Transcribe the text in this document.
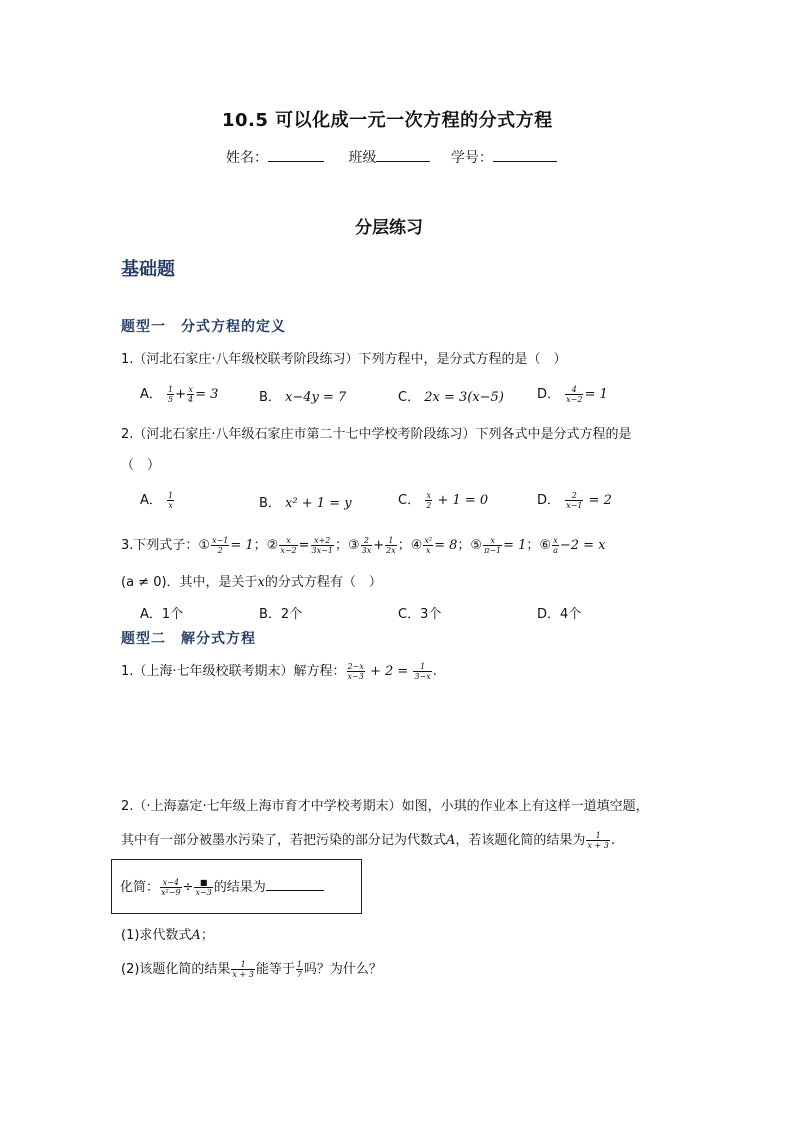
10.5 可以化成一元一次方程的分式方程
姓名：	班级	学号：
分层练习
基础题
题型一　分式方程的定义
1.（河北石家庄·八年级校联考阶段练习）下列方程中，是分式方程的是（　）
A． $\frac{1}{5} + \frac{x}{4} = 3$	B． x−4y = 7	C． 2x = 3(x−5)	D． $\frac{4}{x-2} = 1$
2.（河北石家庄·八年级石家庄市第二十七中学校考阶段练习）下列各式中是分式方程的是
（　）
A． $\frac{1}{x}$	B． x² + 1 = y	C． $\frac{x}{2} + 1 = 0$	D． $\frac{2}{x-1} = 2$
3.下列式子：① $\frac{x-1}{2} = 1$；② $\frac{x}{x-2} = \frac{x+2}{3x-1}$ ；③ $\frac{2}{3x} + \frac{1}{2x}$ ；④ $\frac{\text{x²}}{x} = 8$；⑤ $\frac{x}{\pi-1} = 1$；⑥ $\frac{x}{a} -2 = x$
(a ≠ 0)．其中，是关于x的分式方程有（　）
A．1个	B．2个	C．3个	D．4个
题型二　解分式方程
1.（上海·七年级校联考期末）解方程： $\frac{2-x}{x-3} + 2 = \frac{1}{3-x}$ .
2.（·上海嘉定·七年级上海市育才中学校考期末）如图，小琪的作业本上有这样一道填空题，
其中有一部分被墨水污染了，若把污染的部分记为代数式A，若该题化简的结果为 $\frac{1}{x + 3}$ .
化简： $\frac{x-4}{\text{x²−9}} \div \frac{■}{x-3}$ 的结果为
(1)求代数式A；
(2)该题化简的结果 $\frac{1}{x + 3}$ 能等于 $\frac{1}{7}$ 吗？为什么？
